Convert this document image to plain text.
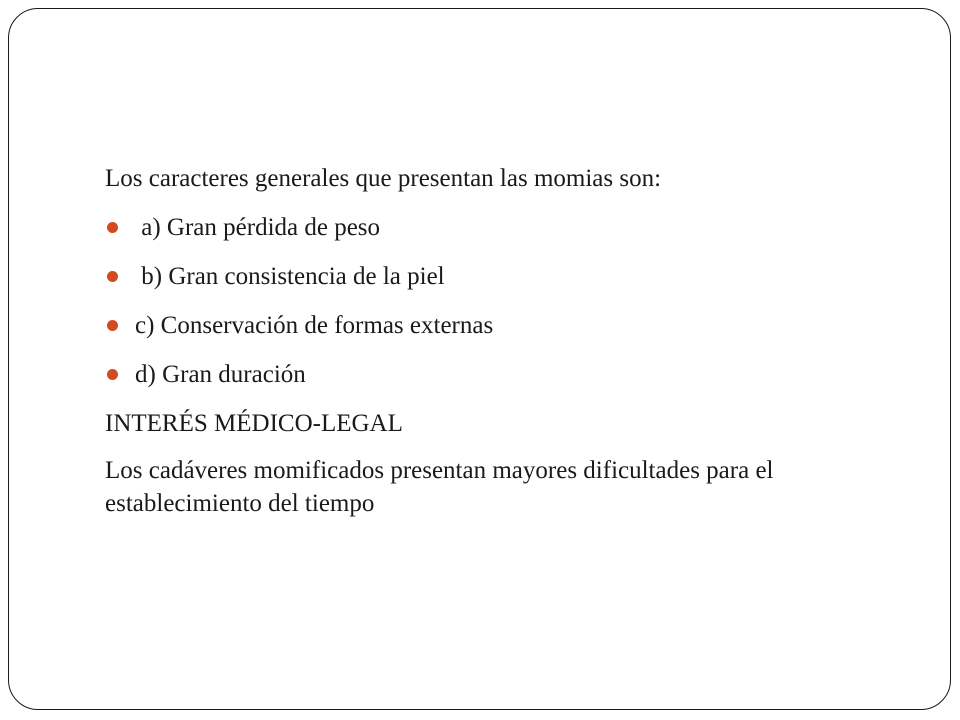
Los caracteres generales que presentan las momias son:

a) Gran pérdida de peso
b) Gran consistencia de la piel
c) Conservación de formas externas
d) Gran duración

INTERÉS MÉDICO-LEGAL

Los cadáveres momificados presentan mayores dificultades para el establecimiento del tiempo
